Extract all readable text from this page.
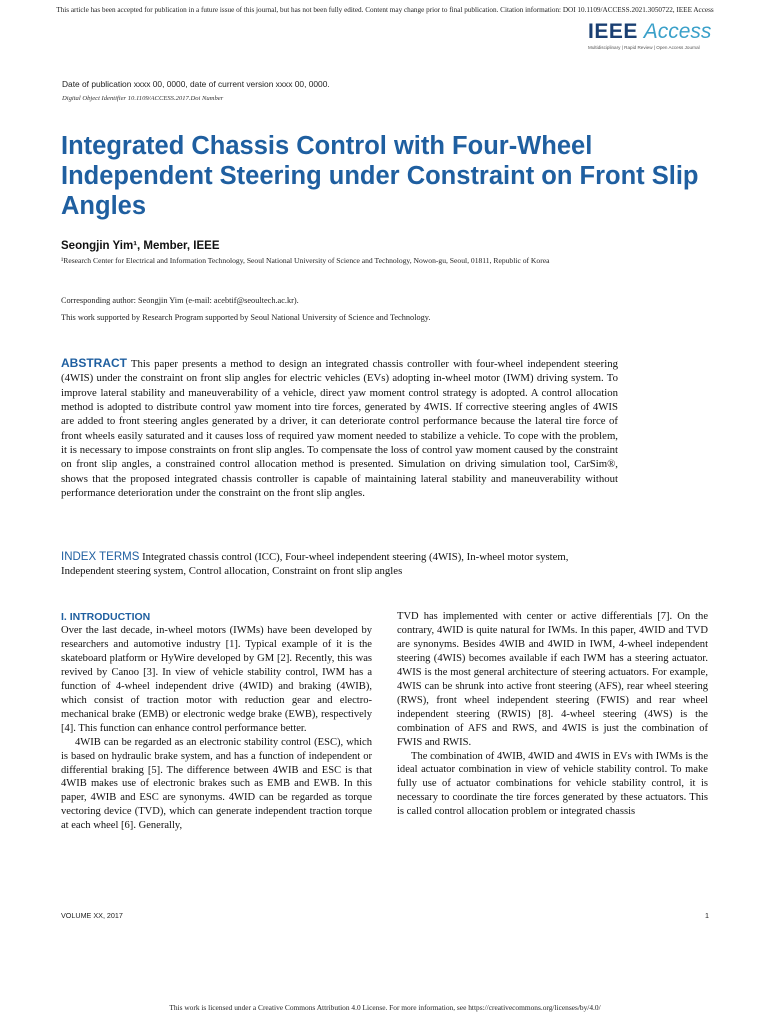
This article has been accepted for publication in a future issue of this journal, but has not been fully edited. Content may change prior to final publication. Citation information: DOI 10.1109/ACCESS.2021.3050722, IEEE Access
IEEE Access
Multidisciplinary | Rapid Review | Open Access Journal
Date of publication xxxx 00, 0000, date of current version xxxx 00, 0000.
Digital Object Identifier 10.1109/ACCESS.2017.Doi Number
Integrated Chassis Control with Four-Wheel Independent Steering under Constraint on Front Slip Angles
Seongjin Yim¹, Member, IEEE
¹Research Center for Electrical and Information Technology, Seoul National University of Science and Technology, Nowon-gu, Seoul, 01811, Republic of Korea
Corresponding author: Seongjin Yim (e-mail: acebtif@seoultech.ac.kr).
This work supported by Research Program supported by Seoul National University of Science and Technology.
ABSTRACT This paper presents a method to design an integrated chassis controller with four-wheel independent steering (4WIS) under the constraint on front slip angles for electric vehicles (EVs) adopting in-wheel motor (IWM) driving system. To improve lateral stability and maneuverability of a vehicle, direct yaw moment control strategy is adopted. A control allocation method is adopted to distribute control yaw moment into tire forces, generated by 4WIS. If corrective steering angles of 4WIS are added to front steering angles generated by a driver, it can deteriorate control performance because the lateral tire force of front wheels easily saturated and it causes loss of required yaw moment needed to stabilize a vehicle. To cope with the problem, it is necessary to impose constraints on front slip angles. To compensate the loss of control yaw moment caused by the constraint on front slip angles, a constrained control allocation method is presented. Simulation on driving simulation tool, CarSim®, shows that the proposed integrated chassis controller is capable of maintaining lateral stability and maneuverability without performance deterioration under the constraint on the front slip angles.
INDEX TERMS Integrated chassis control (ICC), Four-wheel independent steering (4WIS), In-wheel motor system, Independent steering system, Control allocation, Constraint on front slip angles
I. INTRODUCTION

Over the last decade, in-wheel motors (IWMs) have been developed by researchers and automotive industry [1]. Typical example of it is the skateboard platform or HyWire developed by GM [2]. Recently, this was revived by Canoo [3]. In view of vehicle stability control, IWM has a function of 4-wheel independent drive (4WID) and braking (4WIB), which consist of traction motor with reduction gear and electro-mechanical brake (EMB) or electronic wedge brake (EWB), respectively [4]. This function can enhance control performance better.

4WIB can be regarded as an electronic stability control (ESC), which is based on hydraulic brake system, and has a function of independent or differential braking [5]. The difference between 4WIB and ESC is that 4WIB makes use of electronic brakes such as EMB and EWB. In this paper, 4WIB and ESC are synonyms. 4WID can be regarded as torque vectoring device (TVD), which can generate independent traction torque at each wheel [6]. Generally,

TVD has implemented with center or active differentials [7]. On the contrary, 4WID is quite natural for IWMs. In this paper, 4WID and TVD are synonyms. Besides 4WIB and 4WID in IWM, 4-wheel independent steering (4WIS) becomes available if each IWM has a steering actuator. 4WIS is the most general architecture of steering actuators. For example, 4WIS can be shrunk into active front steering (AFS), rear wheel steering (RWS), front wheel independent steering (FWIS) and rear wheel independent steering (RWIS) [8]. 4-wheel steering (4WS) is the combination of AFS and RWS, and 4WIS is just the combination of FWIS and RWIS.

The combination of 4WIB, 4WID and 4WIS in EVs with IWMs is the ideal actuator combination in view of vehicle stability control. To make fully use of actuator combinations for vehicle stability control, it is necessary to coordinate the tire forces generated by these actuators. This is called control allocation problem or integrated chassis

VOLUME XX, 2017	1
This work is licensed under a Creative Commons Attribution 4.0 License. For more information, see https://creativecommons.org/licenses/by/4.0/
